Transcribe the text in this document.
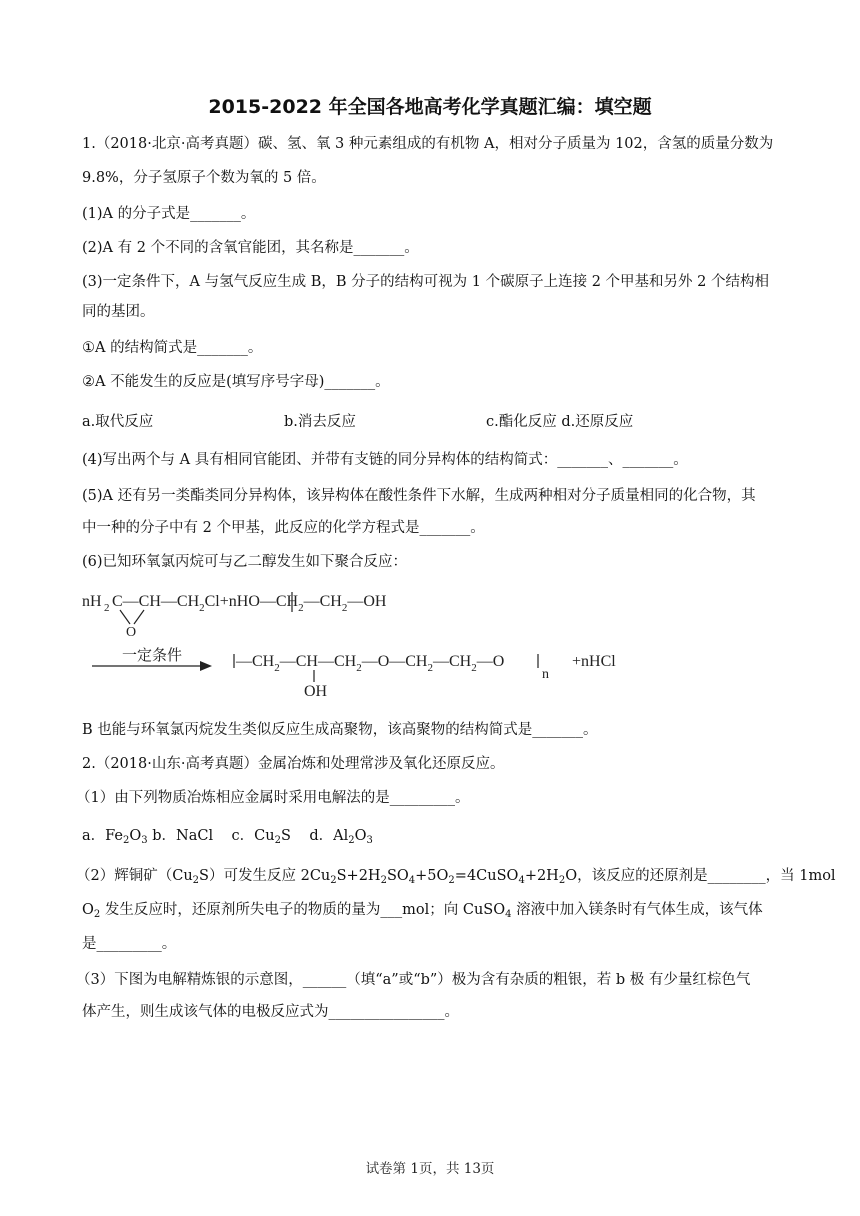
2015-2022 年全国各地高考化学真题汇编：填空题
1.（2018·北京·高考真题）碳、氢、氧 3 种元素组成的有机物 A，相对分子质量为 102，含氢的质量分数为
9.8%，分子氢原子个数为氧的 5 倍。
(1)A 的分子式是_______。
(2)A 有 2 个不同的含氧官能团，其名称是_______。
(3)一定条件下，A 与氢气反应生成 B，B 分子的结构可视为 1 个碳原子上连接 2 个甲基和另外 2 个结构相
同的基团。
①A 的结构简式是_______。
②A 不能发生的反应是(填写序号字母)_______。
a.取代反应	b.消去反应	c.酯化反应 d.还原反应
(4)写出两个与 A 具有相同官能团、并带有支链的同分异构体的结构简式：_______、_______。
(5)A 还有另一类酯类同分异构体，该异构体在酸性条件下水解，生成两种相对分子质量相同的化合物，其
中一种的分子中有 2 个甲基，此反应的化学方程式是_______。
(6)已知环氧氯丙烷可与乙二醇发生如下聚合反应：
nH 2 $C—CH—CH_2Cl+nHO—CH_2—CH_2—OH$
O
一定条件	$—CH_2—CH—CH_2—O—CH_2—CH_2—O$
n
+nHCl
OH
B 也能与环氧氯丙烷发生类似反应生成高聚物，该高聚物的结构简式是_______。
2.（2018·山东·高考真题）金属冶炼和处理常涉及氧化还原反应。
（1）由下列物质冶炼相应金属时采用电解法的是_________。
a．$Fe_2O_3$ b．NaCl    c．$Cu_2S$    d．$Al_2O_3$
（2）辉铜矿$(Cu_2S)$可发生反应 $2Cu_2S+2H_2SO_4+5O_2=4CuSO_4+2H_2O$，该反应的还原剂是________，当 1mol
$O_2$ 发生反应时，还原剂所失电子的物质的量为___mol；向 CuSO$_4$ 溶液中加入镁条时有气体生成，该气体
是_________。
（3）下图为电解精炼银的示意图，______（填“a”或“b”）极为含有杂质的粗银，若 b 极 有少量红棕色气
体产生，则生成该气体的电极反应式为________________。
试卷第 1页，共 13页
